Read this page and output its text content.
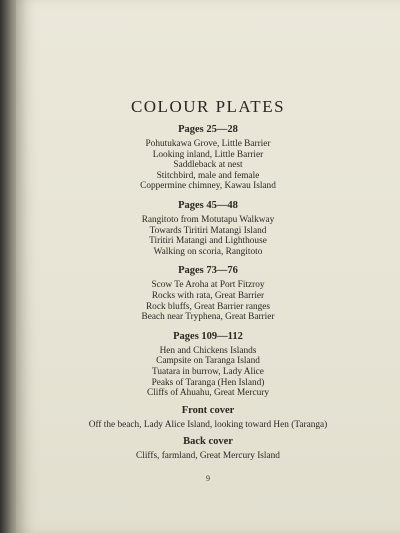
COLOUR PLATES
Pages 25—28
Pohutukawa Grove, Little Barrier
Looking inland, Little Barrier
Saddleback at nest
Stitchbird, male and female
Coppermine chimney, Kawau Island
Pages 45—48
Rangitoto from Motutapu Walkway
Towards Tiritiri Matangi Island
Tiritiri Matangi and Lighthouse
Walking on scoria, Rangitoto
Pages 73—76
Scow Te Aroha at Port Fitzroy
Rocks with rata, Great Barrier
Rock bluffs, Great Barrier ranges
Beach near Tryphena, Great Barrier
Pages 109—112
Hen and Chickens Islands
Campsite on Taranga Island
Tuatara in burrow, Lady Alice
Peaks of Taranga (Hen Island)
Cliffs of Ahuahu, Great Mercury
Front cover
Off the beach, Lady Alice Island, looking toward Hen (Taranga)
Back cover
Cliffs, farmland, Great Mercury Island
9
